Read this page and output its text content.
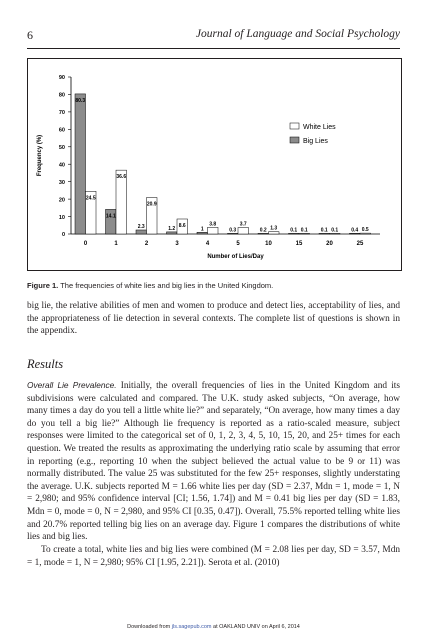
6	Journal of Language and Social Psychology
0
10
20
30
40
50
60
70
80
90
Frequency (%)
80.3
24.5
0
14.1
36.6
1
2.3
20.9
2
1.2 8.6
3
1
3.8
4
0.3
3.7
5
0.2 1.3
10
0.1 0.1
15
0.1 0.1
20
0.4 0.5
25
Number of Lies/Day
White Lies
Big Lies
Figure 1. The frequencies of white lies and big lies in the United Kingdom.
big lie, the relative abilities of men and women to produce and detect lies, acceptability of lies, and the appropriateness of lie detection in several contexts. The complete list of questions is shown in the appendix.
Results
Overall Lie Prevalence. Initially, the overall frequencies of lies in the United Kingdom and its subdivisions were calculated and compared. The U.K. study asked subjects, “On average, how many times a day do you tell a little white lie?” and separately, “On average, how many times a day do you tell a big lie?” Although lie frequency is reported as a ratio-scaled measure, subject responses were limited to the categorical set of 0, 1, 2, 3, 4, 5, 10, 15, 20, and 25+ times for each question. We treated the results as approximating the underlying ratio scale by assuming that error in reporting (e.g., reporting 10 when the subject believed the actual value to be 9 or 11) was normally distributed. The value 25 was substituted for the few 25+ responses, slightly understating the average. U.K. subjects reported M = 1.66 white lies per day (SD = 2.37, Mdn = 1, mode = 1, N = 2,980; and 95% confidence interval [CI; 1.56, 1.74]) and M = 0.41 big lies per day (SD = 1.83, Mdn = 0, mode = 0, N = 2,980, and 95% CI [0.35, 0.47]). Overall, 75.5% reported telling white lies and 20.7% reported telling big lies on an average day. Figure 1 compares the distributions of white lies and big lies.
To create a total, white lies and big lies were combined (M = 2.08 lies per day, SD = 3.57, Mdn = 1, mode = 1, N = 2,980; 95% CI [1.95, 2.21]). Serota et al. (2010)
Downloaded from jls.sagepub.com at OAKLAND UNIV on April 6, 2014
